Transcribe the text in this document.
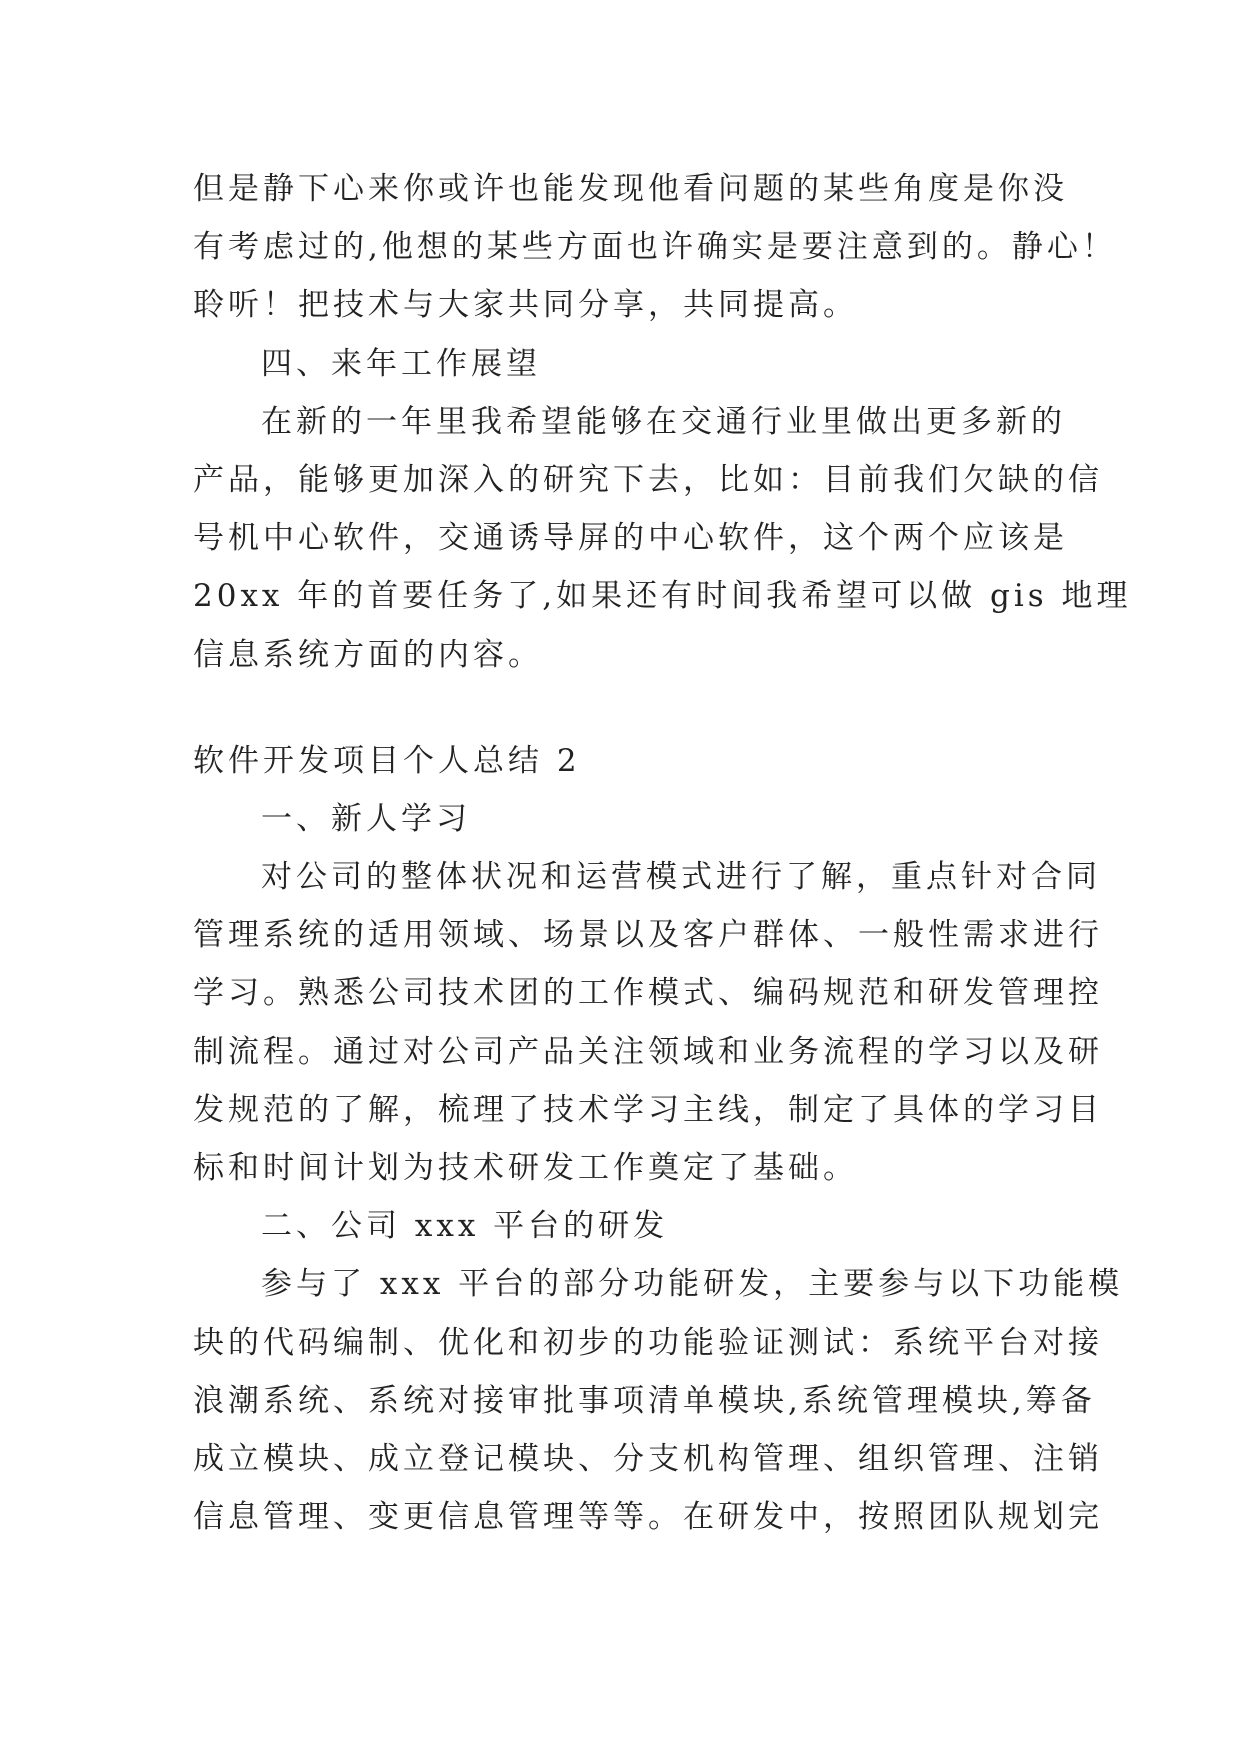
但是静下心来你或许也能发现他看问题的某些角度是你没
有考虑过的,他想的某些方面也许确实是要注意到的。静心！
聆听！把技术与大家共同分享，共同提高。
四、来年工作展望
在新的一年里我希望能够在交通行业里做出更多新的
产品，能够更加深入的研究下去，比如：目前我们欠缺的信
号机中心软件，交通诱导屏的中心软件，这个两个应该是
20xx 年的首要任务了,如果还有时间我希望可以做 gis 地理
信息系统方面的内容。
软件开发项目个人总结 2
一、新人学习
对公司的整体状况和运营模式进行了解，重点针对合同
管理系统的适用领域、场景以及客户群体、一般性需求进行
学习。熟悉公司技术团的工作模式、编码规范和研发管理控
制流程。通过对公司产品关注领域和业务流程的学习以及研
发规范的了解，梳理了技术学习主线，制定了具体的学习目
标和时间计划为技术研发工作奠定了基础。
二、公司 xxx 平台的研发
参与了 xxx 平台的部分功能研发，主要参与以下功能模
块的代码编制、优化和初步的功能验证测试：系统平台对接
浪潮系统、系统对接审批事项清单模块,系统管理模块,筹备
成立模块、成立登记模块、分支机构管理、组织管理、注销
信息管理、变更信息管理等等。在研发中，按照团队规划完
